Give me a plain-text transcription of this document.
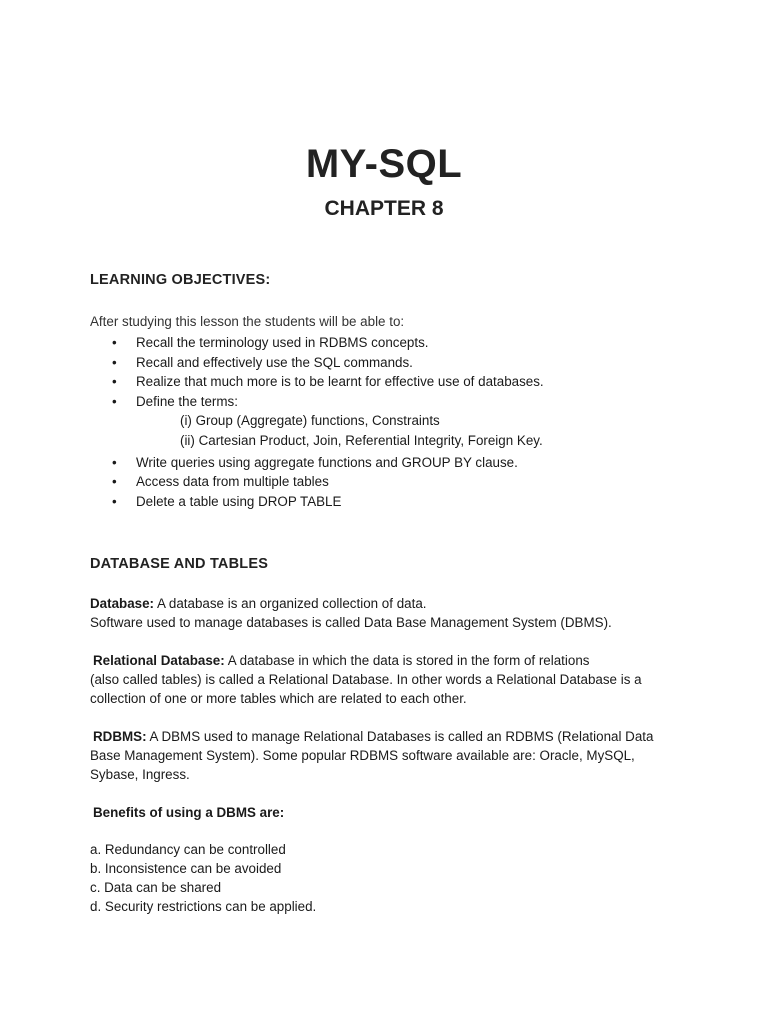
MY-SQL
CHAPTER 8
LEARNING OBJECTIVES:
After studying this lesson the students will be able to:
• Recall the terminology used in RDBMS concepts.
• Recall and effectively use the SQL commands.
• Realize that much more is to be learnt for effective use of databases.
• Define the terms:
(i) Group (Aggregate) functions, Constraints
(ii) Cartesian Product, Join, Referential Integrity, Foreign Key.
• Write queries using aggregate functions and GROUP BY clause.
• Access data from multiple tables
• Delete a table using DROP TABLE
DATABASE AND TABLES
Database: A database is an organized collection of data.
Software used to manage databases is called Data Base Management System (DBMS).
Relational Database: A database in which the data is stored in the form of relations
(also called tables) is called a Relational Database. In other words a Relational Database is a
collection of one or more tables which are related to each other.
RDBMS: A DBMS used to manage Relational Databases is called an RDBMS (Relational Data
Base Management System). Some popular RDBMS software available are: Oracle, MySQL,
Sybase, Ingress.
Benefits of using a DBMS are:
a. Redundancy can be controlled
b. Inconsistence can be avoided
c. Data can be shared
d. Security restrictions can be applied.
